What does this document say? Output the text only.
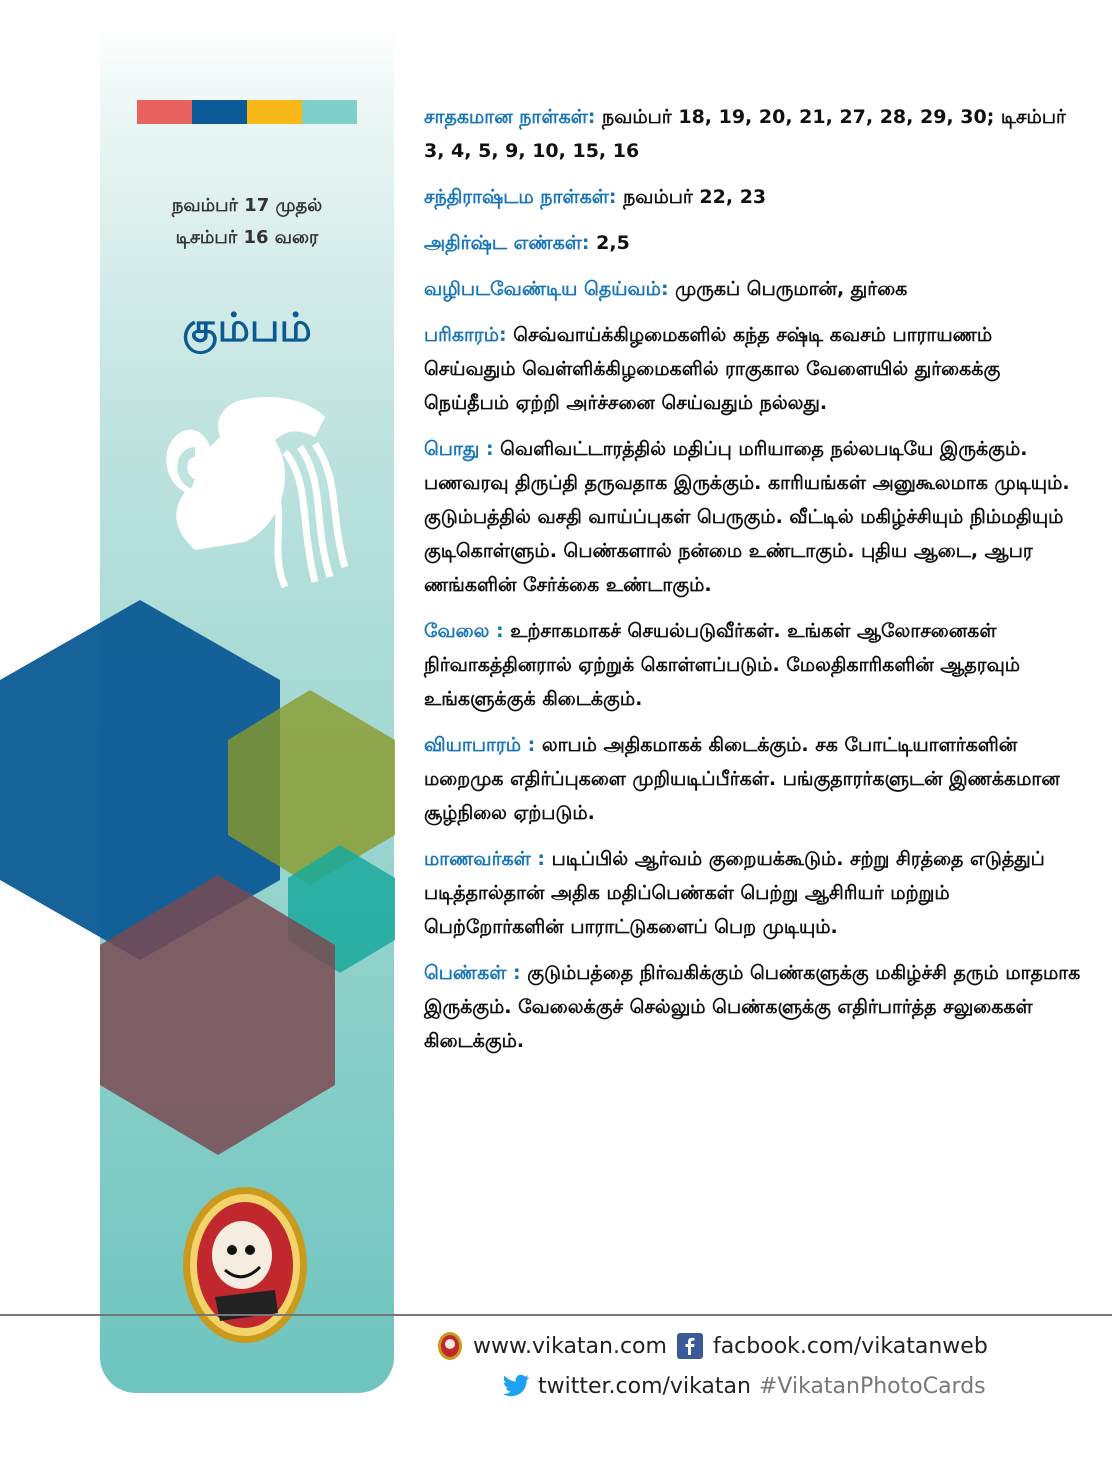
நவம்பர் 17 முதல்
டிசம்பர் 16 வரை
கும்பம்
சாதகமான நாள்கள்: நவம்பர் 18, 19, 20, 21, 27, 28, 29, 30; டிசம்பர் 3, 4, 5, 9, 10, 15, 16
சந்திராஷ்டம நாள்கள்: நவம்பர் 22, 23
அதிர்ஷ்ட எண்கள்: 2,5
வழிபடவேண்டிய தெய்வம்: முருகப் பெருமான், துர்கை
பரிகாரம்: செவ்வாய்க்கிழமைகளில் கந்த சஷ்டி கவசம் பாராயணம் செய்வதும் வெள்ளிக்கிழமைகளில் ராகுகால வேளையில் துர்கைக்கு நெய்தீபம் ஏற்றி அர்ச்சனை செய்வதும் நல்லது.
பொது : வெளிவட்டாரத்தில் மதிப்பு மரியாதை நல்லபடியே இருக்கும். பணவரவு திருப்தி தருவதாக இருக்கும். காரியங்கள் அனுகூலமாக முடியும். குடும்பத்தில் வசதி வாய்ப்புகள் பெருகும். வீட்டில் மகிழ்ச்சியும் நிம்மதியும் குடிகொள்ளும். பெண்களால் நன்மை உண்டாகும். புதிய ஆடை, ஆபர ணங்களின் சேர்க்கை உண்டாகும்.
வேலை : உற்சாகமாகச் செயல்படுவீர்கள். உங்கள் ஆலோசனைகள் நிர்வாகத்தினரால் ஏற்றுக் கொள்ளப்படும். மேலதிகாரிகளின் ஆதரவும் உங்களுக்குக் கிடைக்கும்.
வியாபாரம் : லாபம் அதிகமாகக் கிடைக்கும். சக போட்டியாளர்களின் மறைமுக எதிர்ப்புகளை முறியடிப்பீர்கள். பங்குதாரர்களுடன் இணக்கமான சூழ்நிலை ஏற்படும்.
மாணவர்கள் : படிப்பில் ஆர்வம் குறையக்கூடும். சற்று சிரத்தை எடுத்துப் படித்தால்தான் அதிக மதிப்பெண்கள் பெற்று ஆசிரியர் மற்றும் பெற்றோர்களின் பாராட்டுகளைப் பெற முடியும்.
பெண்கள் : குடும்பத்தை நிர்வகிக்கும் பெண்களுக்கு மகிழ்ச்சி தரும் மாதமாக இருக்கும். வேலைக்குச் செல்லும் பெண்களுக்கு எதிர்பார்த்த சலுகைகள் கிடைக்கும்.
www.vikatan.com facbook.com/vikatanweb
twitter.com/vikatan #VikatanPhotoCards
